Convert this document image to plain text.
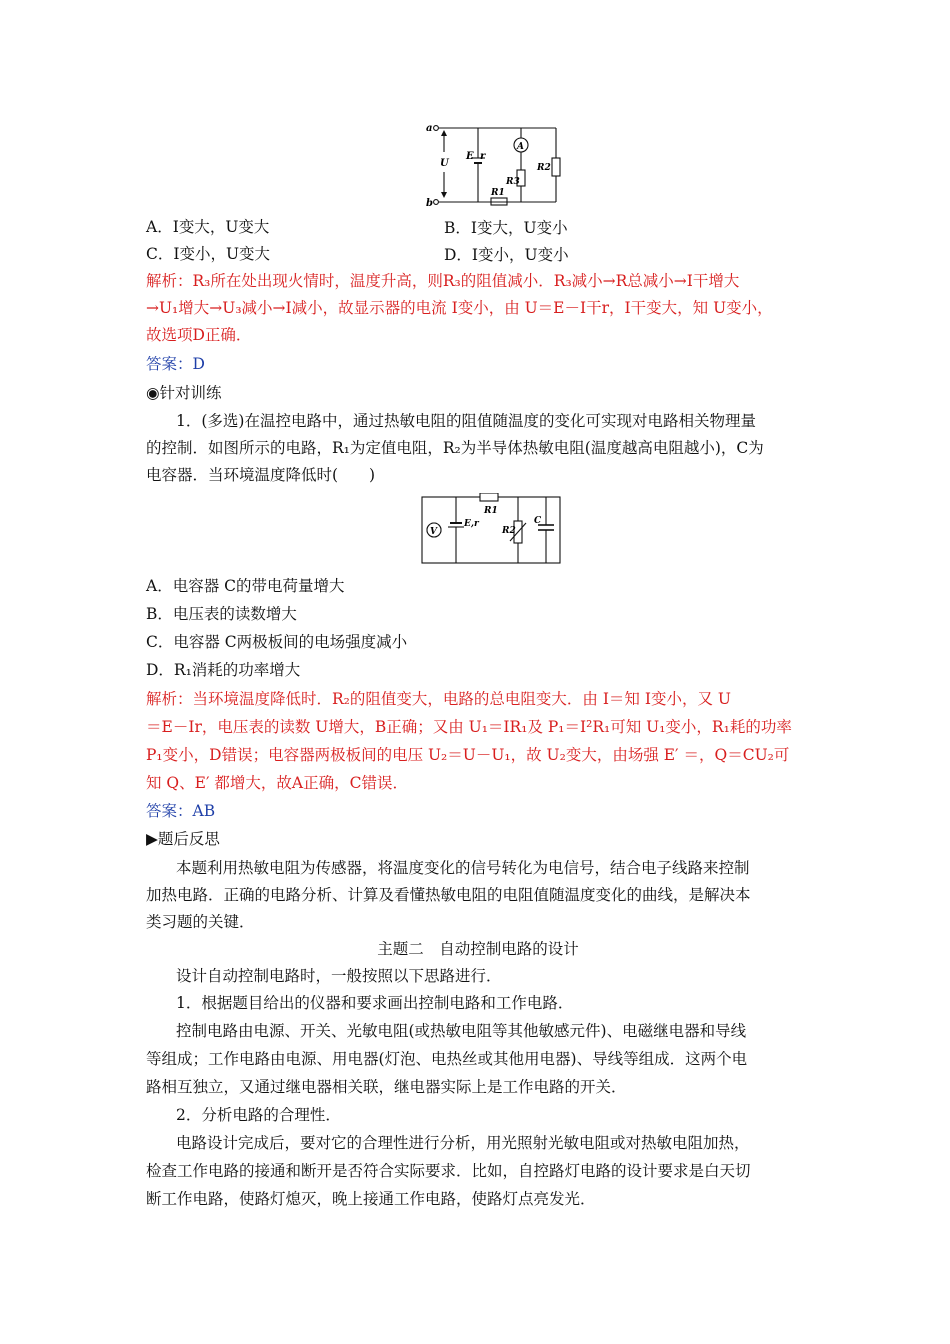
a
b
U
E r
A
R2
R3
R1
A．I变大，U变大	B．I变大，U变小
C．I变小，U变大	D．I变小，U变小
解析：R₃所在处出现火情时，温度升高，则R₃的阻值减小．R₃减小→R总减小→I干增大
→U₁增大→U₃减小→I减小，故显示器的电流 I变小，由 U＝E－I干r，I干变大，知 U变小，
故选项D正确．
答案：D
◉针对训练
1．(多选)在温控电路中，通过热敏电阻的阻值随温度的变化可实现对电路相关物理量
的控制．如图所示的电路，R₁为定值电阻，R₂为半导体热敏电阻(温度越高电阻越小)，C为
电容器．当环境温度降低时(　　)
V
E,r
R1
R2
C
A．电容器 C的带电荷量增大
B．电压表的读数增大
C．电容器 C两极板间的电场强度减小
D．R₁消耗的功率增大
解析：当环境温度降低时．R₂的阻值变大，电路的总电阻变大．由 I＝知 I变小，又 U
＝E－Ir，电压表的读数 U增大，B正确；又由 U₁＝IR₁及 P₁＝I²R₁可知 U₁变小，R₁耗的功率
P₁变小，D错误；电容器两极板间的电压 U₂＝U－U₁，故 U₂变大，由场强 E′ ＝，Q＝CU₂可
知 Q、E′ 都增大，故A正确，C错误．
答案：AB
▶题后反思
本题利用热敏电阻为传感器，将温度变化的信号转化为电信号，结合电子线路来控制
加热电路．正确的电路分析、计算及看懂热敏电阻的电阻值随温度变化的曲线，是解决本
类习题的关键．
主题二　自动控制电路的设计
设计自动控制电路时，一般按照以下思路进行．
1．根据题目给出的仪器和要求画出控制电路和工作电路．
控制电路由电源、开关、光敏电阻(或热敏电阻等其他敏感元件)、电磁继电器和导线
等组成；工作电路由电源、用电器(灯泡、电热丝或其他用电器)、导线等组成．这两个电
路相互独立，又通过继电器相关联，继电器实际上是工作电路的开关．
2．分析电路的合理性．
电路设计完成后，要对它的合理性进行分析，用光照射光敏电阻或对热敏电阻加热，
检查工作电路的接通和断开是否符合实际要求．比如，自控路灯电路的设计要求是白天切
断工作电路，使路灯熄灭，晚上接通工作电路，使路灯点亮发光．
